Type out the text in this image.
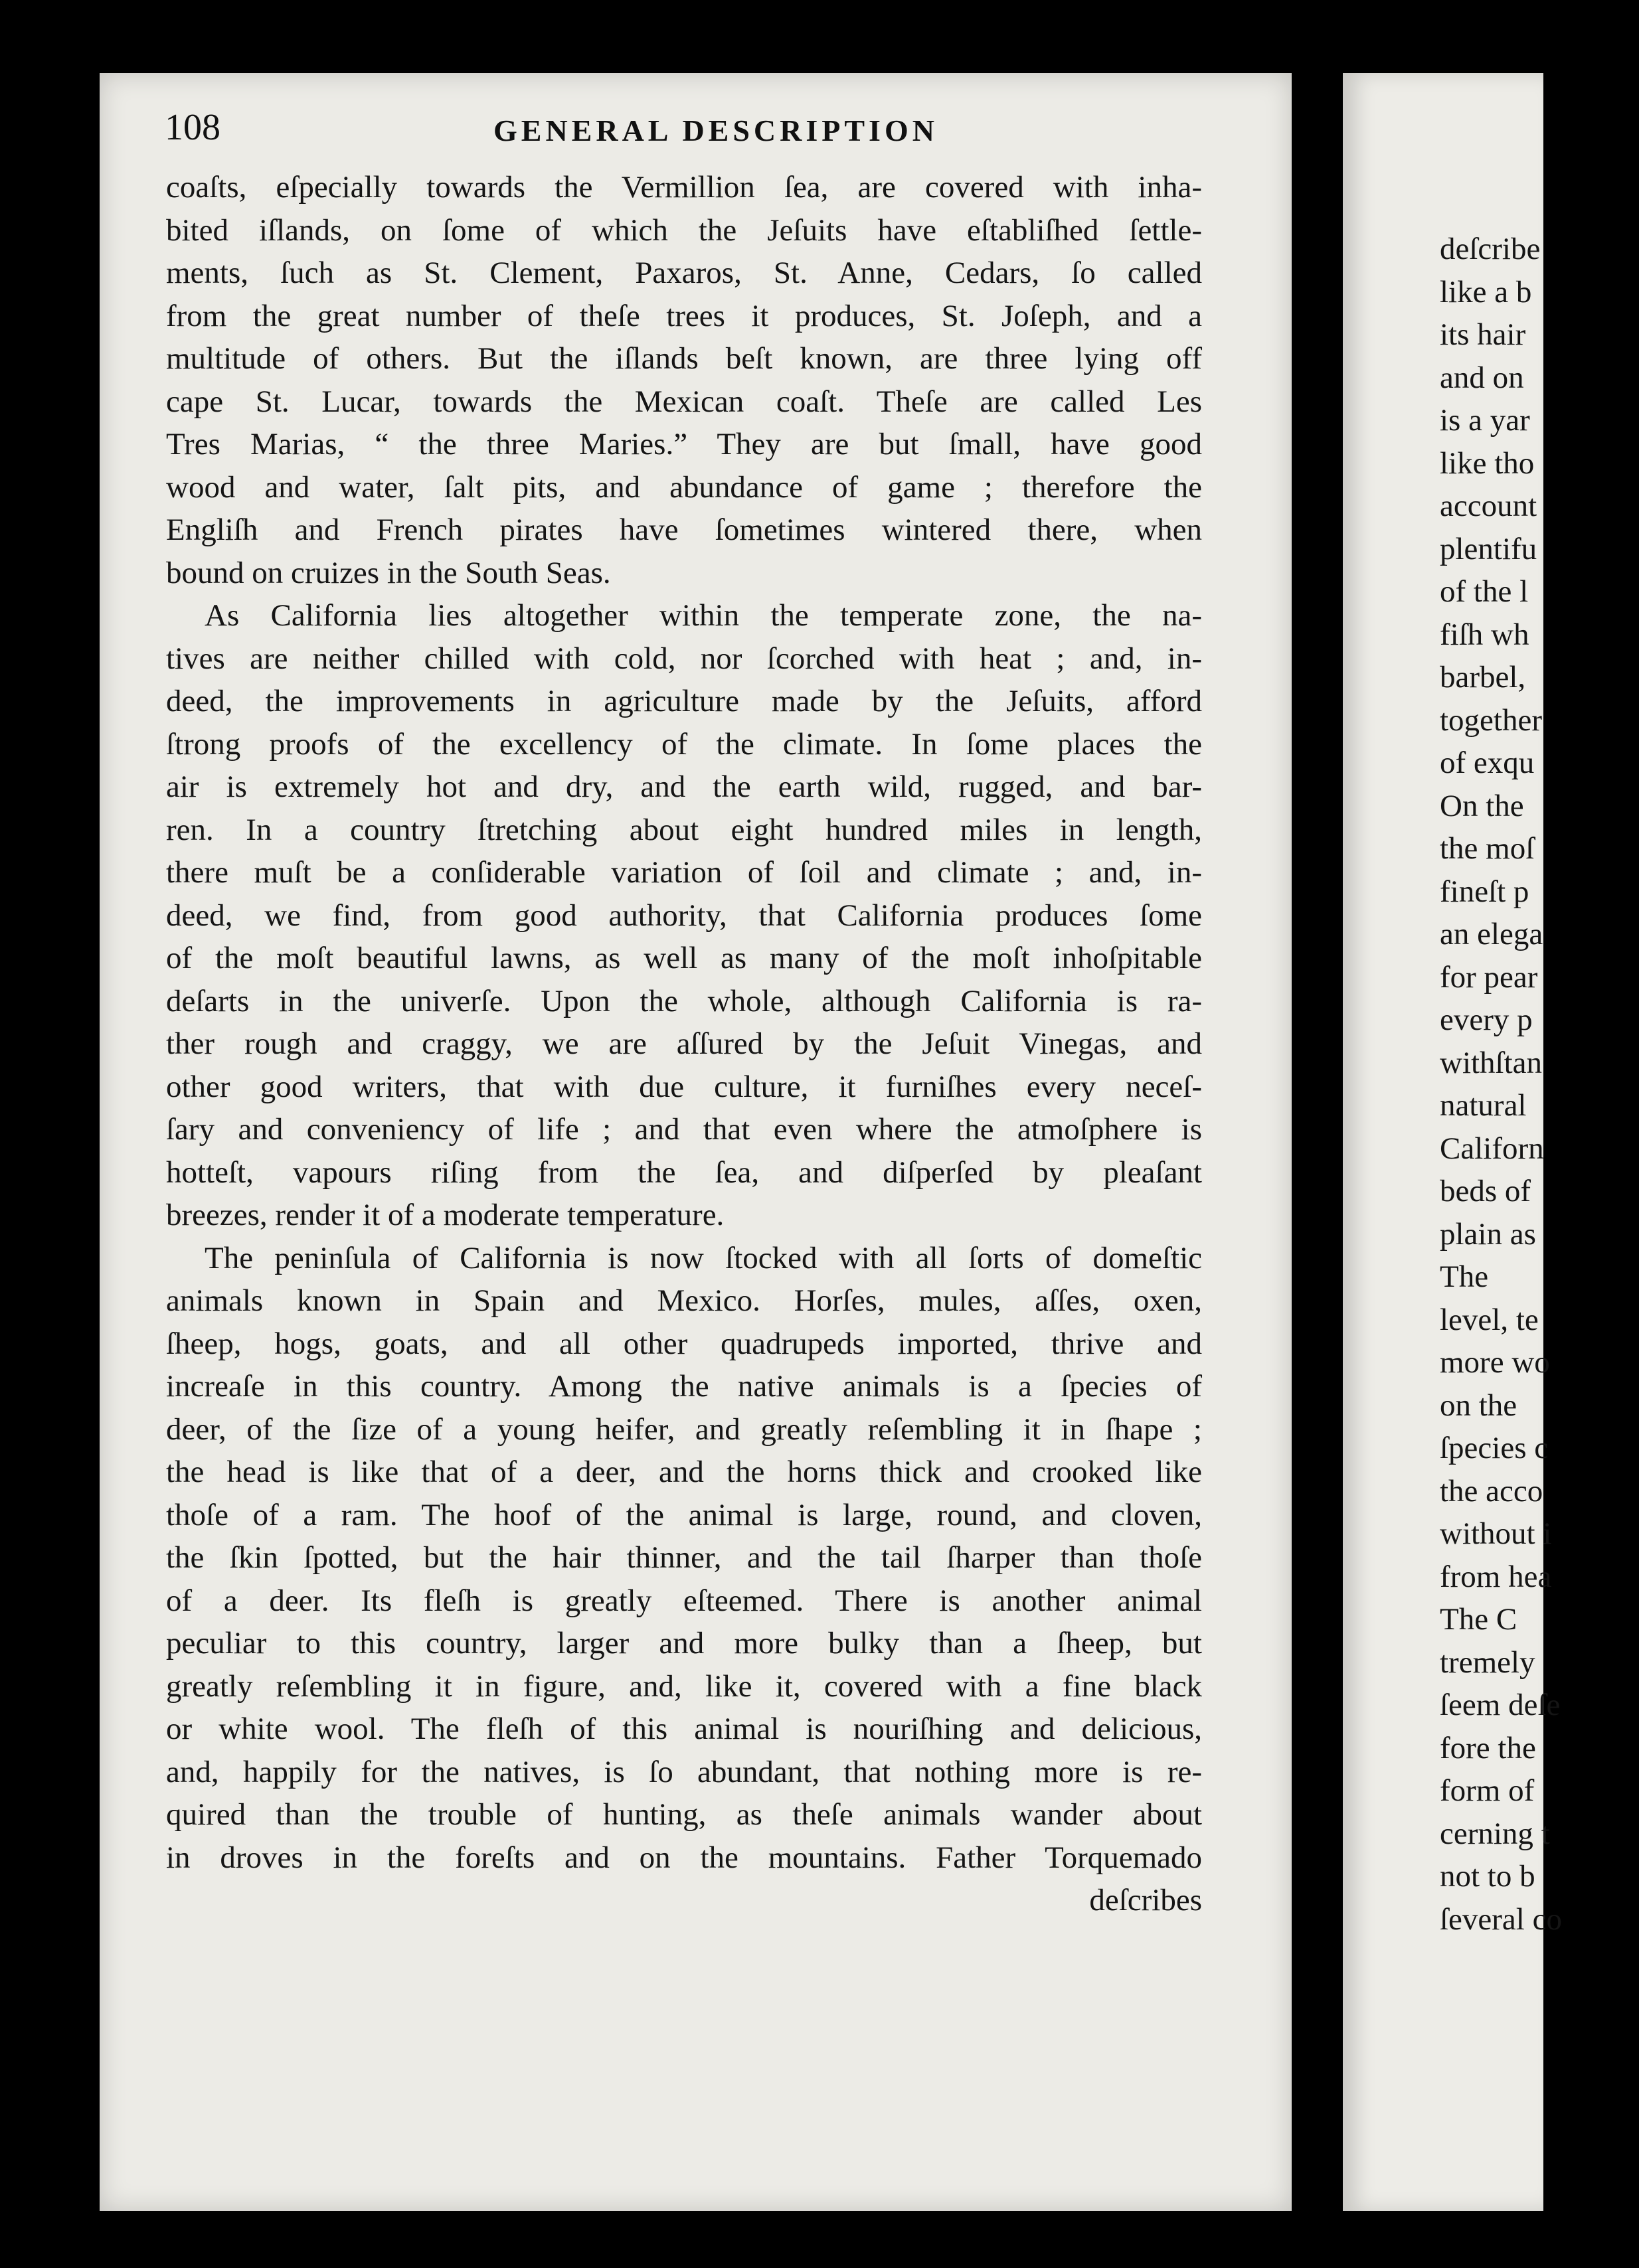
108	GENERAL DESCRIPTION
coaſts, eſpecially towards the Vermillion ſea, are covered with inha-
bited iſlands, on ſome of which the Jeſuits have eſtabliſhed ſettle-
ments, ſuch as St. Clement, Paxaros, St. Anne, Cedars, ſo called
from the great number of theſe trees it produces, St. Joſeph, and a
multitude of others. But the iſlands beſt known, are three lying off
cape St. Lucar, towards the Mexican coaſt. Theſe are called Les
Tres Marias, “ the three Maries.” They are but ſmall, have good
wood and water, ſalt pits, and abundance of game ; therefore the
Engliſh and French pirates have ſometimes wintered there, when
bound on cruizes in the South Seas.
As California lies altogether within the temperate zone, the na-
tives are neither chilled with cold, nor ſcorched with heat ; and, in-
deed, the improvements in agriculture made by the Jeſuits, afford
ſtrong proofs of the excellency of the climate. In ſome places the
air is extremely hot and dry, and the earth wild, rugged, and bar-
ren. In a country ſtretching about eight hundred miles in length,
there muſt be a conſiderable variation of ſoil and climate ; and, in-
deed, we find, from good authority, that California produces ſome
of the moſt beautiful lawns, as well as many of the moſt inhoſpitable
deſarts in the univerſe. Upon the whole, although California is ra-
ther rough and craggy, we are aſſured by the Jeſuit Vinegas, and
other good writers, that with due culture, it furniſhes every neceſ-
ſary and conveniency of life ; and that even where the atmoſphere is
hotteſt, vapours riſing from the ſea, and diſperſed by pleaſant
breezes, render it of a moderate temperature.
The peninſula of California is now ſtocked with all ſorts of domeſtic
animals known in Spain and Mexico. Horſes, mules, aſſes, oxen,
ſheep, hogs, goats, and all other quadrupeds imported, thrive and
increaſe in this country. Among the native animals is a ſpecies of
deer, of the ſize of a young heifer, and greatly reſembling it in ſhape ;
the head is like that of a deer, and the horns thick and crooked like
thoſe of a ram. The hoof of the animal is large, round, and cloven,
the ſkin ſpotted, but the hair thinner, and the tail ſharper than thoſe
of a deer. Its fleſh is greatly eſteemed. There is another animal
peculiar to this country, larger and more bulky than a ſheep, but
greatly reſembling it in figure, and, like it, covered with a fine black
or white wool. The fleſh of this animal is nouriſhing and delicious,
and, happily for the natives, is ſo abundant, that nothing more is re-
quired than the trouble of hunting, as theſe animals wander about
in droves in the foreſts and on the mountains. Father Torquemado
deſcribes
deſcribe
like a b
its hair
and on
is a yar
like tho
account
plentifu
of the l
fiſh wh
barbel,
together
of exqu
On the
the moſ
fineſt p
an elega
for pear
every p
withſtan
natural
Californ
beds of
plain as
The
level, te
more wo
on the
ſpecies c
the acco
without i
from hea
The C
tremely
ſeem deſe
fore the
form of
cerning t
not to b
ſeveral co
